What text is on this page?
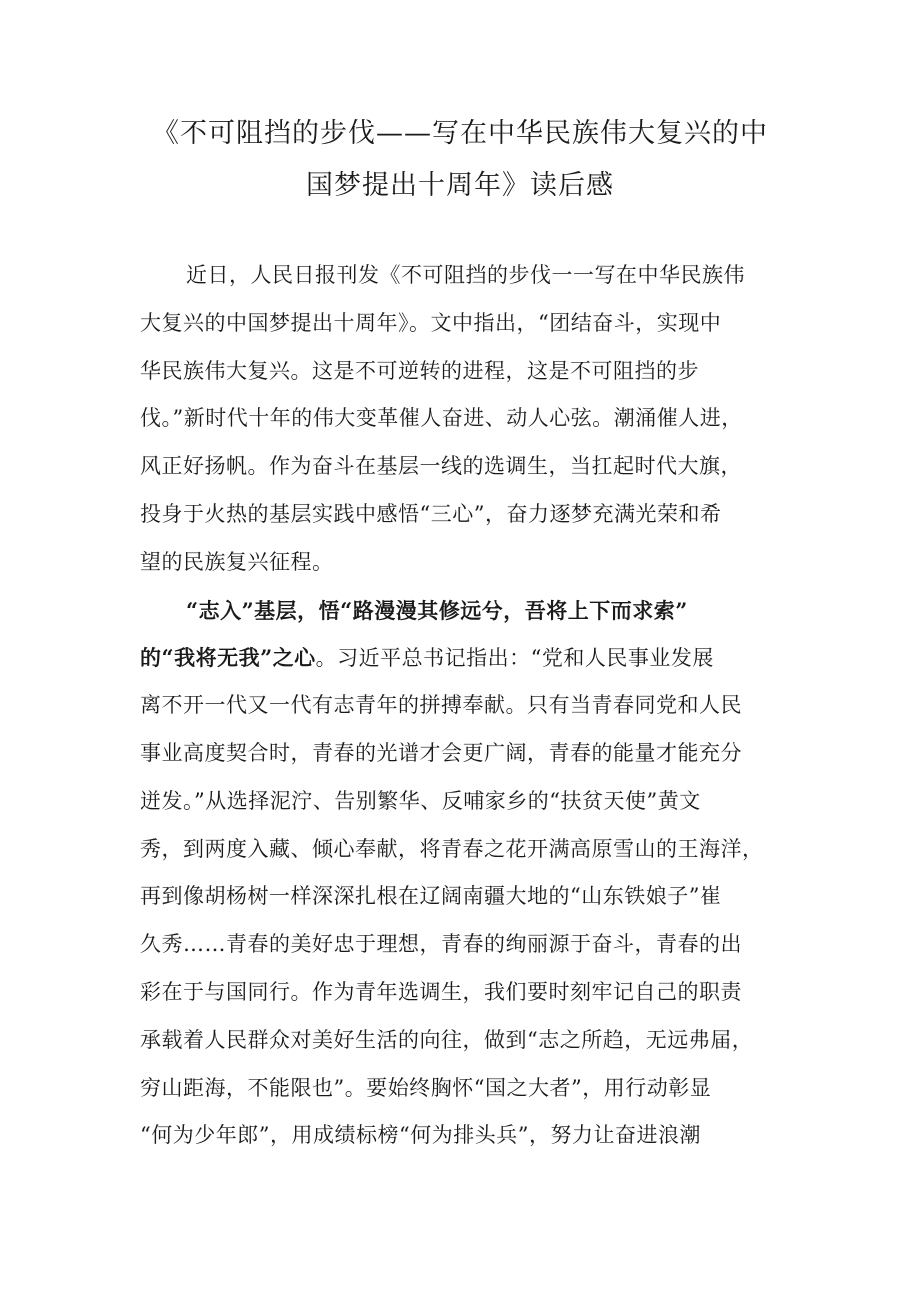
《不可阻挡的步伐——写在中华民族伟大复兴的中
国梦提出十周年》读后感
近日，人民日报刊发《不可阻挡的步伐一一写在中华民族伟
大复兴的中国梦提出十周年》。文中指出，“团结奋斗，实现中
华民族伟大复兴。这是不可逆转的进程，这是不可阻挡的步
伐。”新时代十年的伟大变革催人奋进、动人心弦。潮涌催人进，
风正好扬帆。作为奋斗在基层一线的选调生，当扛起时代大旗，
投身于火热的基层实践中感悟“三心”，奋力逐梦充满光荣和希
望的民族复兴征程。
“志入”基层，悟“路漫漫其修远兮，吾将上下而求索”
的“我将无我”之心。习近平总书记指出：“党和人民事业发展
离不开一代又一代有志青年的拼搏奉献。只有当青春同党和人民
事业高度契合时，青春的光谱才会更广阔，青春的能量才能充分
迸发。”从选择泥泞、告别繁华、反哺家乡的“扶贫天使”黄文
秀，到两度入藏、倾心奉献，将青春之花开满高原雪山的王海洋，
再到像胡杨树一样深深扎根在辽阔南疆大地的“山东铁娘子”崔
久秀……青春的美好忠于理想，青春的绚丽源于奋斗，青春的出
彩在于与国同行。作为青年选调生，我们要时刻牢记自己的职责
承载着人民群众对美好生活的向往，做到“志之所趋，无远弗届，
穷山距海，不能限也”。要始终胸怀“国之大者”，用行动彰显
“何为少年郎”，用成绩标榜“何为排头兵”，努力让奋进浪潮
